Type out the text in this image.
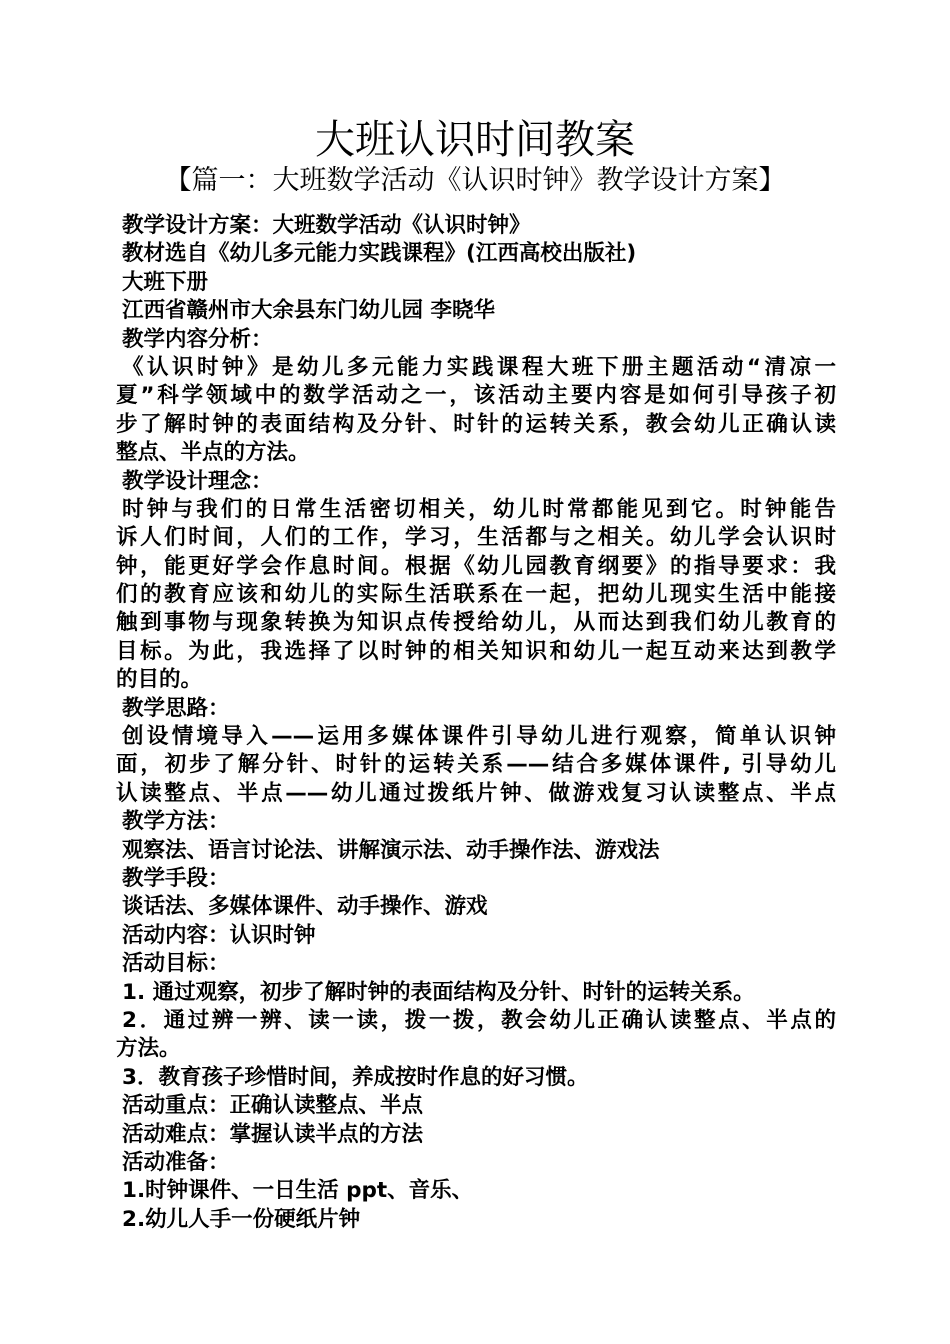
大班认识时间教案
【篇一：大班数学活动《认识时钟》教学设计方案】
教学设计方案：大班数学活动《认识时钟》
教材选自《幼儿多元能力实践课程》(江西高校出版社)
大班下册
江西省赣州市大余县东门幼儿园 李晓华
教学内容分析：
《认识时钟》是幼儿多元能力实践课程大班下册主题活动“清凉一
夏”科学领域中的数学活动之一，该活动主要内容是如何引导孩子初
步了解时钟的表面结构及分针、时针的运转关系，教会幼儿正确认读
整点、半点的方法。
教学设计理念：
时钟与我们的日常生活密切相关，幼儿时常都能见到它。时钟能告
诉人们时间，人们的工作，学习，生活都与之相关。幼儿学会认识时
钟，能更好学会作息时间。根据《幼儿园教育纲要》的指导要求：我
们的教育应该和幼儿的实际生活联系在一起，把幼儿现实生活中能接
触到事物与现象转换为知识点传授给幼儿，从而达到我们幼儿教育的
目标。为此，我选择了以时钟的相关知识和幼儿一起互动来达到教学
的目的。
教学思路：
创设情境导入——运用多媒体课件引导幼儿进行观察，简单认识钟
面，初步了解分针、时针的运转关系——结合多媒体课件, 引导幼儿
认读整点、半点——幼儿通过拨纸片钟、做游戏复习认读整点、半点
教学方法：
观察法、语言讨论法、讲解演示法、动手操作法、游戏法
教学手段：
谈话法、多媒体课件、动手操作、游戏
活动内容：认识时钟
活动目标：
1. 通过观察，初步了解时钟的表面结构及分针、时针的运转关系。
2．通过辨一辨、读一读，拨一拨，教会幼儿正确认读整点、半点的
方法。
3．教育孩子珍惜时间，养成按时作息的好习惯。
活动重点：正确认读整点、半点
活动难点：掌握认读半点的方法
活动准备：
1.时钟课件、一日生活 ppt、音乐、
2.幼儿人手一份硬纸片钟
